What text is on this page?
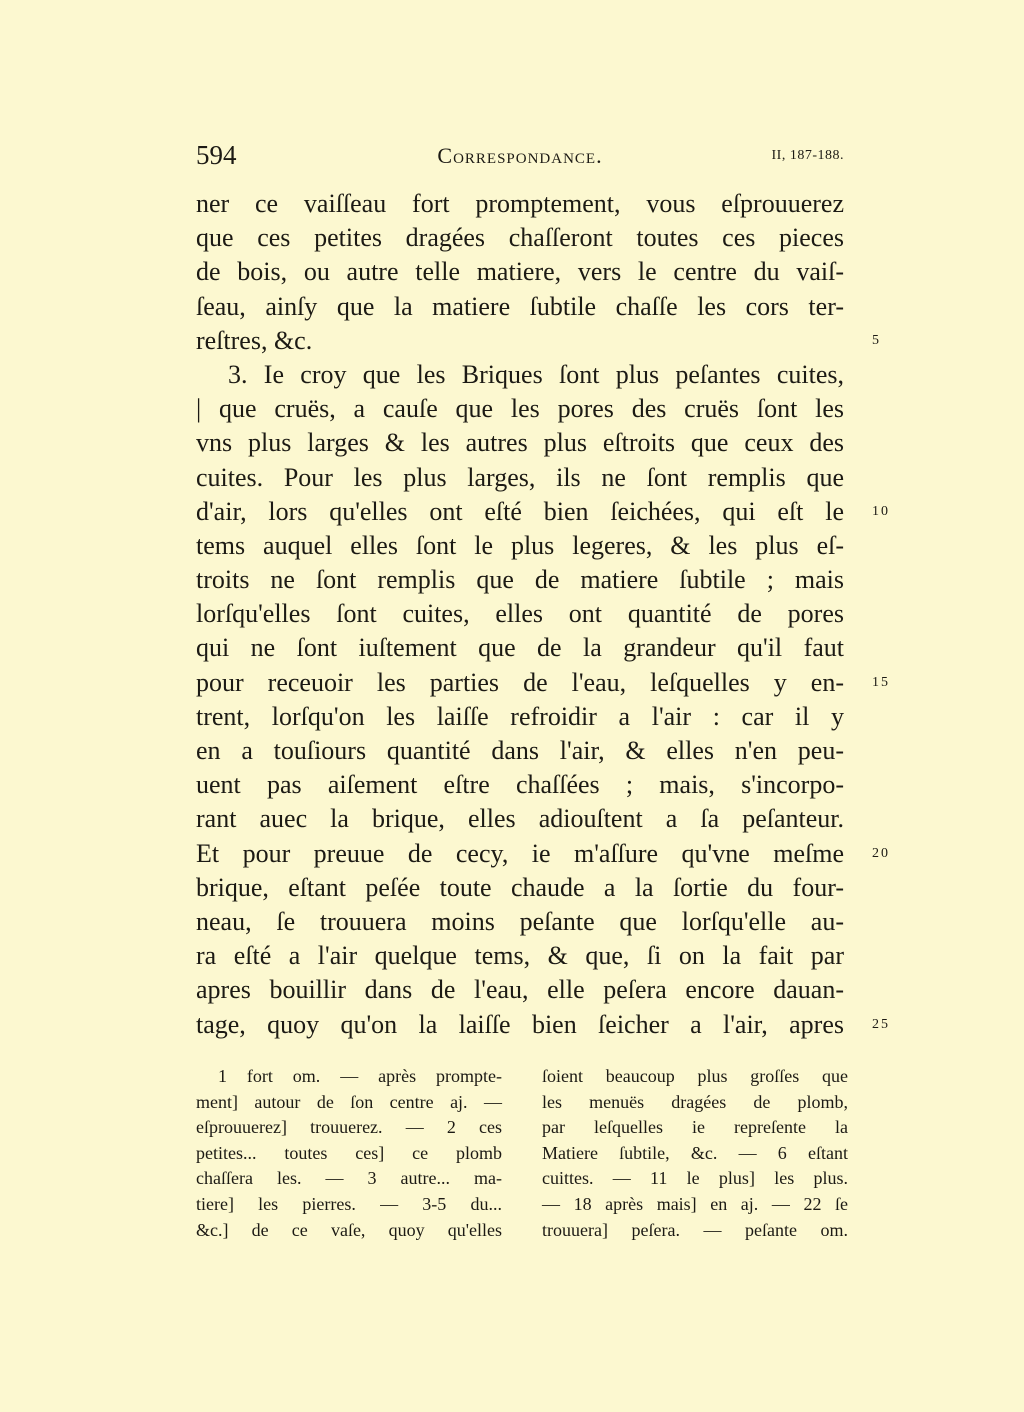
594	Correspondance.	II, 187-188.
ner ce vaiſſeau fort promptement, vous eſprouuerez
que ces petites dragées chaſſeront toutes ces pieces
de bois, ou autre telle matiere, vers le centre du vaiſ-
ſeau, ainſy que la matiere ſubtile chaſſe les cors ter-
reſtres, &c.	5
3. Ie croy que les Briques ſont plus peſantes cuites,
| que cruës, a cauſe que les pores des cruës ſont les
vns plus larges & les autres plus eſtroits que ceux des
cuites. Pour les plus larges, ils ne ſont remplis que
d'air, lors qu'elles ont eſté bien ſeichées, qui eſt le 10
tems auquel elles ſont le plus legeres, & les plus eſ-
troits ne ſont remplis que de matiere ſubtile ; mais
lorſqu'elles ſont cuites, elles ont quantité de pores
qui ne ſont iuſtement que de la grandeur qu'il faut
pour receuoir les parties de l'eau, leſquelles y en- 15
trent, lorſqu'on les laiſſe refroidir a l'air : car il y
en a touſiours quantité dans l'air, & elles n'en peu-
uent pas aiſement eſtre chaſſées ; mais, s'incorpo-
rant auec la brique, elles adiouſtent a ſa peſanteur.
Et pour preuue de cecy, ie m'aſſure qu'vne meſme 20
brique, eſtant peſée toute chaude a la ſortie du four-
neau, ſe trouuera moins peſante que lorſqu'elle au-
ra eſté a l'air quelque tems, & que, ſi on la fait par
apres bouillir dans de l'eau, elle peſera encore dauan-
tage, quoy qu'on la laiſſe bien ſeicher a l'air, apres 25
1 fort om. — après prompte-
ment] autour de ſon centre aj. —
eſprouuerez] trouuerez. — 2 ces
petites... toutes ces] ce plomb
chaſſera les. — 3 autre... ma-
tiere] les pierres. — 3-5 du...
&c.] de ce vaſe, quoy qu'elles
ſoient beaucoup plus groſſes que
les menuës dragées de plomb,
par leſquelles ie repreſente la
Matiere ſubtile, &c. — 6 eſtant
cuittes. — 11 le plus] les plus.
— 18 après mais] en aj. — 22 ſe
trouuera] peſera. — peſante om.
